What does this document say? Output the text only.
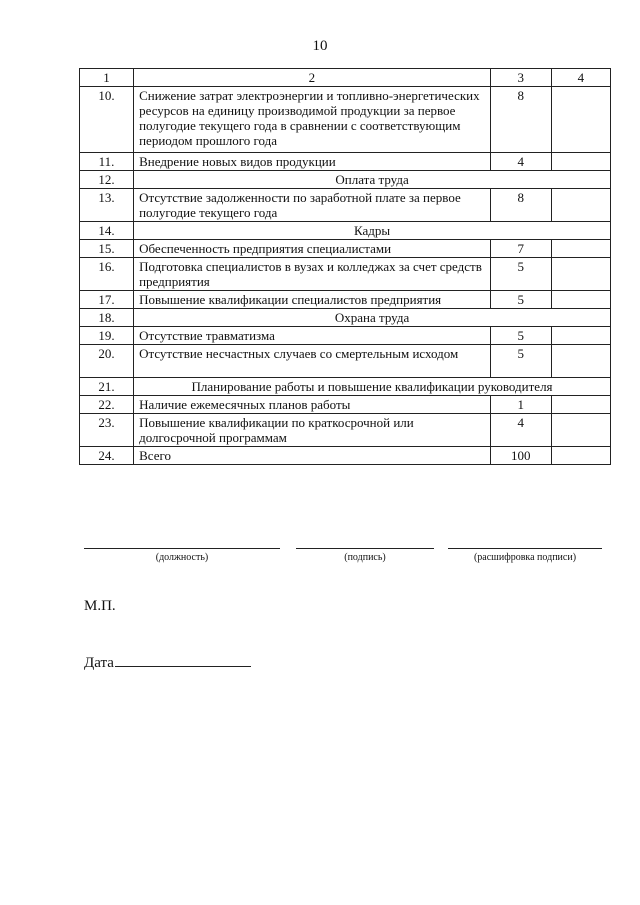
10
1	2	3	4
10.	Снижение затрат электроэнергии и топливно-энергетических ресурсов на единицу производимой продукции за первое полугодие текущего года в сравнении с соответствующим периодом прошлого года	8	
11.	Внедрение новых видов продукции	4	
12.	Оплата труда		
13.	Отсутствие задолженности по заработной плате за первое полугодие текущего года	8	
14.	Кадры		
15.	Обеспеченность предприятия специалистами	7	
16.	Подготовка специалистов в вузах и колледжах за счет средств предприятия	5	
17.	Повышение квалификации специалистов предприятия	5	
18.	Охрана труда		
19.	Отсутствие травматизма	5	
20.	Отсутствие несчастных случаев со смертельным исходом	5	
21.	Планирование работы и повышение квалификации руководителя		
22.	Наличие ежемесячных планов работы	1	
23.	Повышение квалификации по краткосрочной или долгосрочной программам	4	
24.	Всего	100	
(должность)	(подпись)	(расшифровка подписи)
М.П.
Дата
